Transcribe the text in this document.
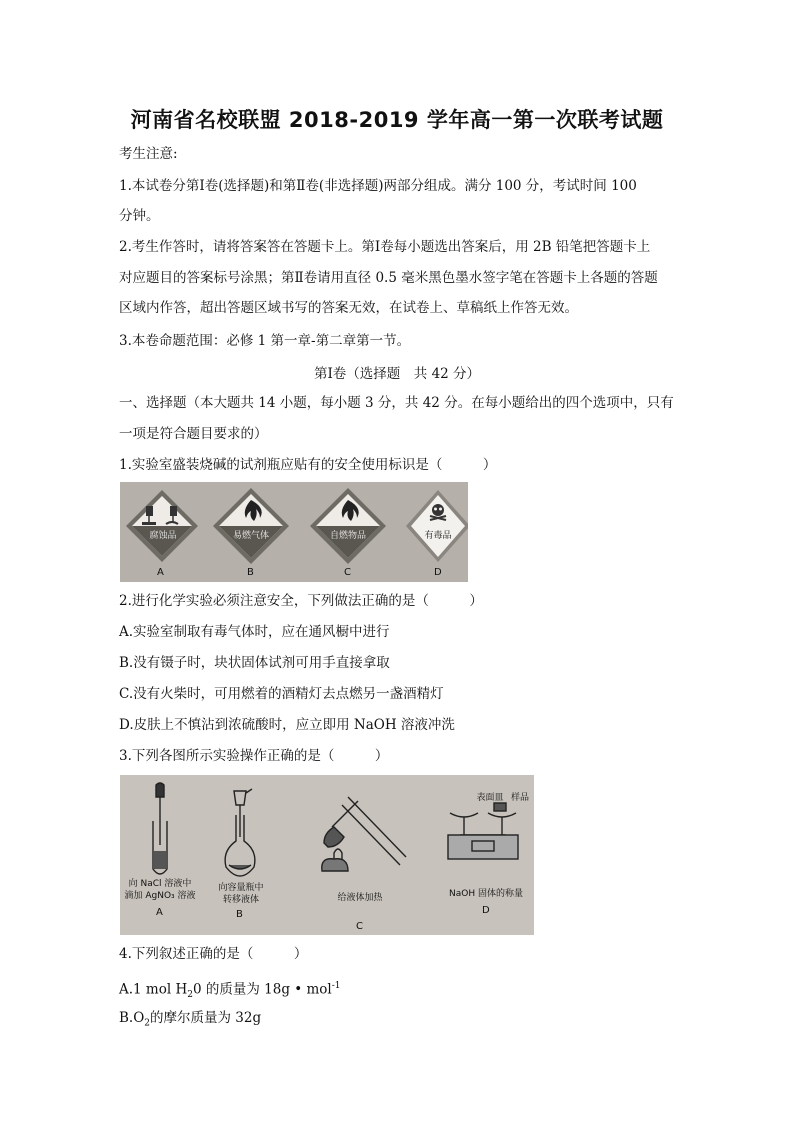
河南省名校联盟 2018-2019 学年高一第一次联考试题
考生注意:
1.本试卷分第Ⅰ卷(选择题)和第Ⅱ卷(非选择题)两部分组成。满分 100 分，考试时间 100
分钟。
2.考生作答时，请将答案答在答题卡上。第Ⅰ卷每小题选出答案后，用 2B 铅笔把答题卡上
对应题目的答案标号涂黑；第Ⅱ卷请用直径 0.5 毫米黑色墨水签字笔在答题卡上各题的答题
区域内作答，超出答题区域书写的答案无效，在试卷上、草稿纸上作答无效。
3.本卷命题范围：必修 1 第一章-第二章第一节。
第Ⅰ卷（选择题　共 42 分）
一、选择题（本大题共 14 小题，每小题 3 分，共 42 分。在每小题给出的四个选项中，只有
一项是符合题目要求的）
1.实验室盛装烧碱的试剂瓶应贴有的安全使用标识是（　　　）
腐蚀品	易燃气体	自燃物品	有毒品
A	B	C	D
2.进行化学实验必须注意安全，下列做法正确的是（　　　）
A.实验室制取有毒气体时，应在通风橱中进行
B.没有镊子时，块状固体试剂可用手直接拿取
C.没有火柴时，可用燃着的酒精灯去点燃另一盏酒精灯
D.皮肤上不慎沾到浓硫酸时，应立即用 NaOH 溶液冲洗
3.下列各图所示实验操作正确的是（　　　）
表面皿 样品
向 NaCl 溶液中
滴加 AgNO₃ 溶液
向容量瓶中
转移液体	给液体加热	NaOH 固体的称量
A	B
C
D
4.下列叙述正确的是（　　　）
A.1 mol $H_20$ 的质量为 18g • mol$^{-1}$
$B.O_2$的摩尔质量为 32g
